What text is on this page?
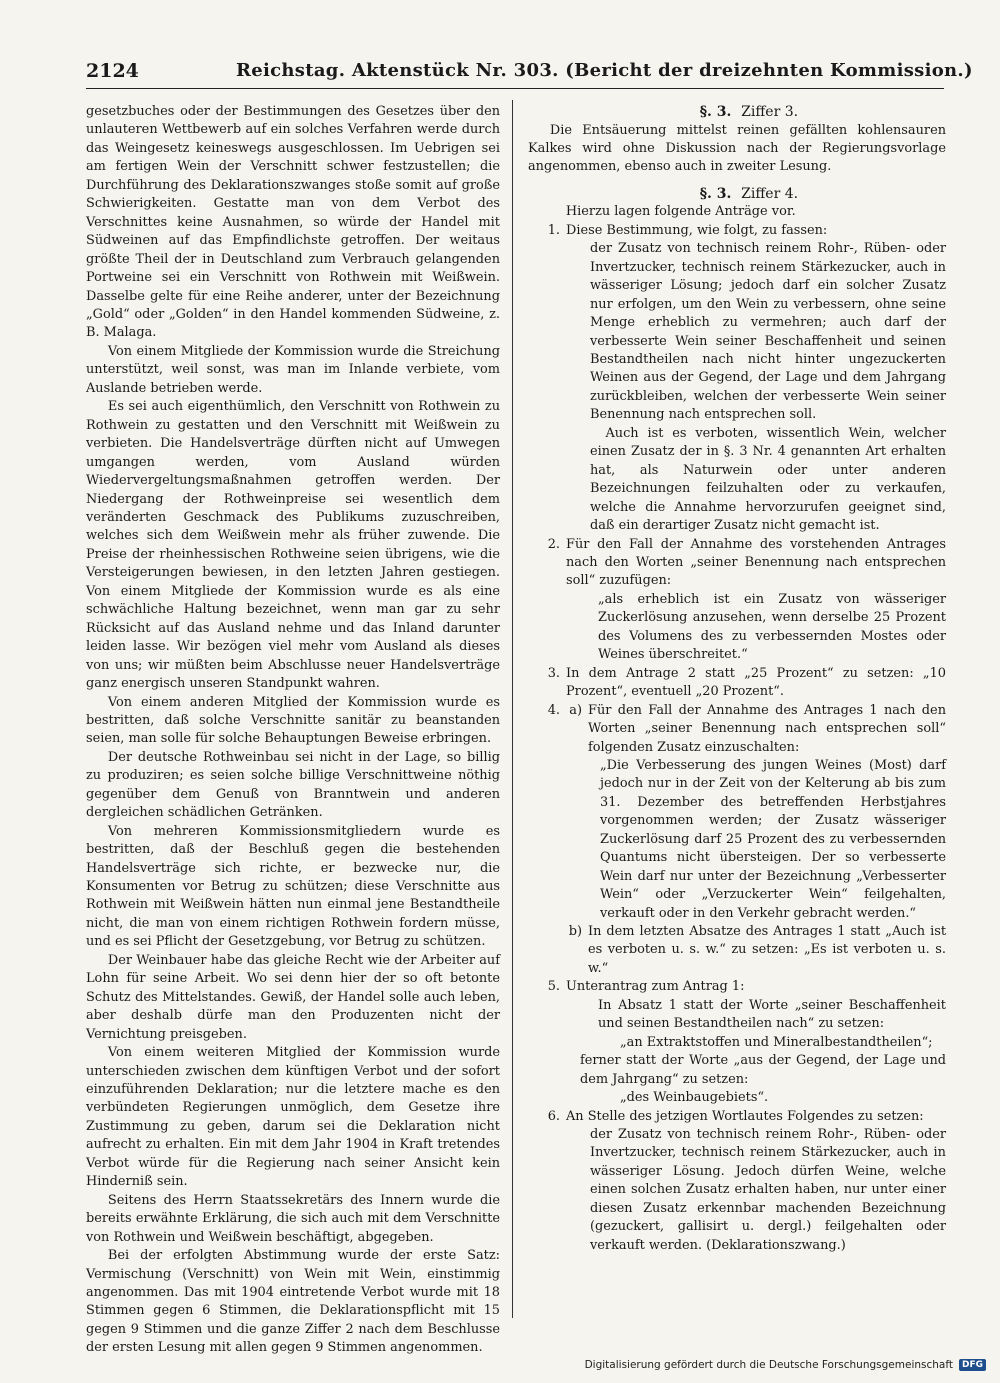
2124	Reichstag. Aktenstück Nr. 303. (Bericht der dreizehnten Kommission.)

gesetzbuches oder der Bestimmungen des Gesetzes über den unlauteren Wettbewerb auf ein solches Verfahren werde durch das Weingesetz keineswegs ausgeschlossen. Im Uebrigen sei am fertigen Wein der Verschnitt schwer festzustellen; die Durchführung des Deklarationszwanges stoße somit auf große Schwierigkeiten. Gestatte man von dem Verbot des Verschnittes keine Ausnahmen, so würde der Handel mit Südweinen auf das Empfindlichste getroffen. Der weitaus größte Theil der in Deutschland zum Verbrauch gelangenden Portweine sei ein Verschnitt von Rothwein mit Weißwein. Dasselbe gelte für eine Reihe anderer, unter der Bezeichnung „Gold“ oder „Golden“ in den Handel kommenden Südweine, z. B. Malaga.

Von einem Mitgliede der Kommission wurde die Streichung unterstützt, weil sonst, was man im Inlande verbiete, vom Auslande betrieben werde.

Es sei auch eigenthümlich, den Verschnitt von Rothwein zu Rothwein zu gestatten und den Verschnitt mit Weißwein zu verbieten. Die Handelsverträge dürften nicht auf Umwegen umgangen werden, vom Ausland würden Wiedervergeltungsmaßnahmen getroffen werden. Der Niedergang der Rothweinpreise sei wesentlich dem veränderten Geschmack des Publikums zuzuschreiben, welches sich dem Weißwein mehr als früher zuwende. Die Preise der rheinhessischen Rothweine seien übrigens, wie die Versteigerungen bewiesen, in den letzten Jahren gestiegen. Von einem Mitgliede der Kommission wurde es als eine schwächliche Haltung bezeichnet, wenn man gar zu sehr Rücksicht auf das Ausland nehme und das Inland darunter leiden lasse. Wir bezögen viel mehr vom Ausland als dieses von uns; wir müßten beim Abschlusse neuer Handelsverträge ganz energisch unseren Standpunkt wahren.

Von einem anderen Mitglied der Kommission wurde es bestritten, daß solche Verschnitte sanitär zu beanstanden seien, man solle für solche Behauptungen Beweise erbringen.

Der deutsche Rothweinbau sei nicht in der Lage, so billig zu produziren; es seien solche billige Verschnittweine nöthig gegenüber dem Genuß von Branntwein und anderen dergleichen schädlichen Getränken.

Von mehreren Kommissionsmitgliedern wurde es bestritten, daß der Beschluß gegen die bestehenden Handelsverträge sich richte, er bezwecke nur, die Konsumenten vor Betrug zu schützen; diese Verschnitte aus Rothwein mit Weißwein hätten nun einmal jene Bestandtheile nicht, die man von einem richtigen Rothwein fordern müsse, und es sei Pflicht der Gesetzgebung, vor Betrug zu schützen.

Der Weinbauer habe das gleiche Recht wie der Arbeiter auf Lohn für seine Arbeit. Wo sei denn hier der so oft betonte Schutz des Mittelstandes. Gewiß, der Handel solle auch leben, aber deshalb dürfe man den Produzenten nicht der Vernichtung preisgeben.

Von einem weiteren Mitglied der Kommission wurde unterschieden zwischen dem künftigen Verbot und der sofort einzuführenden Deklaration; nur die letztere mache es den verbündeten Regierungen unmöglich, dem Gesetze ihre Zustimmung zu geben, darum sei die Deklaration nicht aufrecht zu erhalten. Ein mit dem Jahr 1904 in Kraft tretendes Verbot würde für die Regierung nach seiner Ansicht kein Hinderniß sein.

Seitens des Herrn Staatssekretärs des Innern wurde die bereits erwähnte Erklärung, die sich auch mit dem Verschnitte von Rothwein und Weißwein beschäftigt, abgegeben.

Bei der erfolgten Abstimmung wurde der erste Satz: Vermischung (Verschnitt) von Wein mit Wein, einstimmig angenommen. Das mit 1904 eintretende Verbot wurde mit 18 Stimmen gegen 6 Stimmen, die Deklarationspflicht mit 15 gegen 9 Stimmen und die ganze Ziffer 2 nach dem Beschlusse der ersten Lesung mit allen gegen 9 Stimmen angenommen.

§. 3. Ziffer 3.

Die Entsäuerung mittelst reinen gefällten kohlensauren Kalkes wird ohne Diskussion nach der Regierungsvorlage angenommen, ebenso auch in zweiter Lesung.

§. 3. Ziffer 4.

Hierzu lagen folgende Anträge vor.

1. Diese Bestimmung, wie folgt, zu fassen:

der Zusatz von technisch reinem Rohr-, Rüben- oder Invertzucker, technisch reinem Stärkezucker, auch in wässeriger Lösung; jedoch darf ein solcher Zusatz nur erfolgen, um den Wein zu verbessern, ohne seine Menge erheblich zu vermehren; auch darf der verbesserte Wein seiner Beschaffenheit und seinen Bestandtheilen nach nicht hinter ungezuckerten Weinen aus der Gegend, der Lage und dem Jahrgang zurückbleiben, welchen der verbesserte Wein seiner Benennung nach entsprechen soll.

Auch ist es verboten, wissentlich Wein, welcher einen Zusatz der in §. 3 Nr. 4 genannten Art erhalten hat, als Naturwein oder unter anderen Bezeichnungen feilzuhalten oder zu verkaufen, welche die Annahme hervorzurufen geeignet sind, daß ein derartiger Zusatz nicht gemacht ist.

2. Für den Fall der Annahme des vorstehenden Antrages nach den Worten „seiner Benennung nach entsprechen soll“ zuzufügen:

„als erheblich ist ein Zusatz von wässeriger Zuckerlösung anzusehen, wenn derselbe 25 Prozent des Volumens des zu verbessernden Mostes oder Weines überschreitet.“

3. In dem Antrage 2 statt „25 Prozent“ zu setzen: „10 Prozent“, eventuell „20 Prozent“.

4. a) Für den Fall der Annahme des Antrages 1 nach den Worten „seiner Benennung nach entsprechen soll“ folgenden Zusatz einzuschalten:

„Die Verbesserung des jungen Weines (Most) darf jedoch nur in der Zeit von der Kelterung ab bis zum 31. Dezember des betreffenden Herbstjahres vorgenommen werden; der Zusatz wässeriger Zuckerlösung darf 25 Prozent des zu verbessernden Quantums nicht übersteigen. Der so verbesserte Wein darf nur unter der Bezeichnung „Verbesserter Wein“ oder „Verzuckerter Wein“ feilgehalten, verkauft oder in den Verkehr gebracht werden.“

b) In dem letzten Absatze des Antrages 1 statt „Auch ist es verboten u. s. w.“ zu setzen: „Es ist verboten u. s. w.“

5. Unterantrag zum Antrag 1:

In Absatz 1 statt der Worte „seiner Beschaffenheit und seinen Bestandtheilen nach“ zu setzen:

„an Extraktstoffen und Mineralbestandtheilen“;

ferner statt der Worte „aus der Gegend, der Lage und dem Jahrgang“ zu setzen:

„des Weinbaugebiets“.

6. An Stelle des jetzigen Wortlautes Folgendes zu setzen:

der Zusatz von technisch reinem Rohr-, Rüben- oder Invertzucker, technisch reinem Stärkezucker, auch in wässeriger Lösung. Jedoch dürfen Weine, welche einen solchen Zusatz erhalten haben, nur unter einer diesen Zusatz erkennbar machenden Bezeichnung (gezuckert, gallisirt u. dergl.) feilgehalten oder verkauft werden. (Deklarationszwang.)

Digitalisierung gefördert durch die Deutsche Forschungsgemeinschaft	DFG
